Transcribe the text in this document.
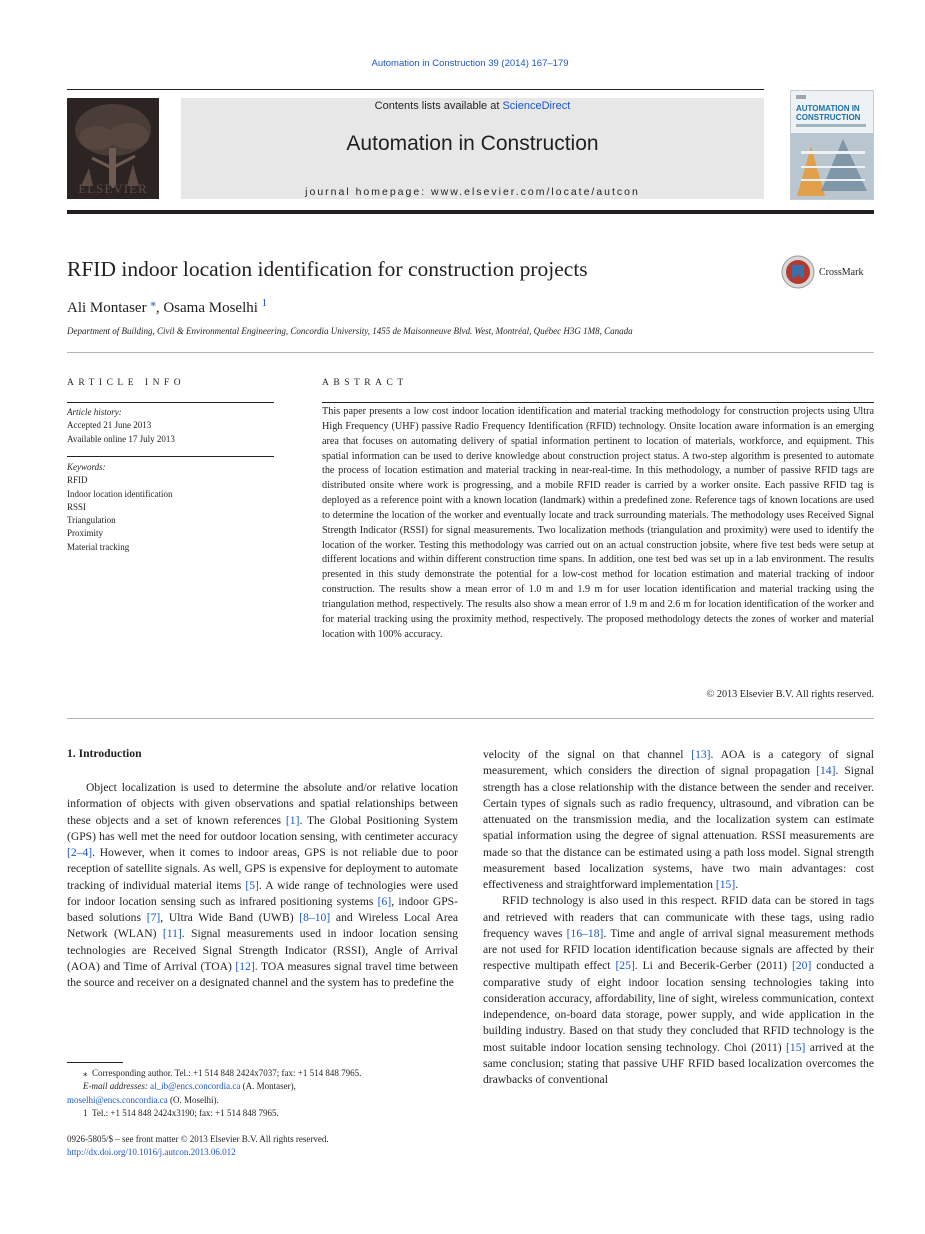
Automation in Construction 39 (2014) 167–179
ELSEVIER
Contents lists available at ScienceDirect
Automation in Construction
journal homepage: www.elsevier.com/locate/autcon
AUTOMATION IN CONSTRUCTION
RFID indoor location identification for construction projects	CrossMark
Ali Montaser ⁎, Osama Moselhi $^1$
Department of Building, Civil & Environmental Engineering, Concordia University, 1455 de Maisonneuve Blvd. West, Montréal, Québec H3G 1M8, Canada
ARTICLE INFO	ABSTRACT
Article history:
Accepted 21 June 2013
Available online 17 July 2013
Keywords:
RFID
Indoor location identification
RSSI
Triangulation
Proximity
Material tracking
This paper presents a low cost indoor location identification and material tracking methodology for construction projects using Ultra High Frequency (UHF) passive Radio Frequency Identification (RFID) technology. Onsite location aware information is an emerging area that focuses on automating delivery of spatial information pertinent to location of materials, workforce, and equipment. This spatial information can be used to derive knowledge about construction project status. A two-step algorithm is presented to automate the process of location estimation and material tracking in near-real-time. In this methodology, a number of passive RFID tags are distributed onsite where work is progressing, and a mobile RFID reader is carried by a worker onsite. Each passive RFID tag is deployed as a reference point with a known location (landmark) within a predefined zone. Reference tags of known locations are used to determine the location of the worker and eventually locate and track surrounding materials. The methodology uses Received Signal Strength Indicator (RSSI) for signal measurements. Two localization methods (triangulation and proximity) were used to identify the location of the worker. Testing this methodology was carried out on an actual construction jobsite, where five test beds were setup at different locations and within different construction time spans. In addition, one test bed was set up in a lab environment. The results presented in this study demonstrate the potential for a low-cost method for location estimation and material tracking of indoor construction. The results show a mean error of 1.0 m and 1.9 m for user location identification and material tracking using the triangulation method, respectively. The results also show a mean error of 1.9 m and 2.6 m for location identification of the worker and for material tracking using the proximity method, respectively. The proposed methodology detects the zones of worker and material location with 100% accuracy.
© 2013 Elsevier B.V. All rights reserved.
1. Introduction
Object localization is used to determine the absolute and/or relative location information of objects with given observations and spatial relationships between these objects and a set of known references [1]. The Global Positioning System (GPS) has well met the need for outdoor location sensing, with centimeter accuracy [2–4]. However, when it comes to indoor areas, GPS is not reliable due to poor reception of satellite signals. As well, GPS is expensive for deployment to automate tracking of individual material items [5]. A wide range of technologies were used for indoor location sensing such as infrared positioning systems [6], indoor GPS-based solutions [7], Ultra Wide Band (UWB) [8–10] and Wireless Local Area Network (WLAN) [11]. Signal measurements used in indoor location sensing technologies are Received Signal Strength Indicator (RSSI), Angle of Arrival (AOA) and Time of Arrival (TOA) [12]. TOA measures signal travel time between the source and receiver on a designated channel and the system has to predefine the

velocity of the signal on that channel [13]. AOA is a category of signal measurement, which considers the direction of signal propagation [14]. Signal strength has a close relationship with the distance between the sender and receiver. Certain types of signals such as radio frequency, ultrasound, and vibration can be attenuated on the transmission media, and the localization system can estimate spatial information using the degree of signal attenuation. RSSI measurements are made so that the distance can be estimated using a path loss model. Signal strength measurement based localization systems, have two main advantages: cost effectiveness and straightforward implementation [15].

RFID technology is also used in this respect. RFID data can be stored in tags and retrieved with readers that can communicate with these tags, using radio frequency waves [16–18]. Time and angle of arrival signal measurement methods are not used for RFID location identification because signals are affected by their respective multipath effect [25]. Li and Becerik-Gerber (2011) [20] conducted a comparative study of eight indoor location sensing technologies taking into consideration accuracy, affordability, line of sight, wireless communication, context independence, on-board data storage, power supply, and wide application in the building industry. Based on that study they concluded that RFID technology is the most suitable indoor location sensing technology. Choi (2011) [15] arrived at the same conclusion; stating that passive UHF RFID based localization overcomes the drawbacks of conventional

⁎ Corresponding author. Tel.: +1 514 848 2424x7037; fax: +1 514 848 7965.
E-mail addresses: al_ib@encs.concordia.ca (A. Montaser),
moselhi@encs.concordia.ca (O. Moselhi).
1 Tel.: +1 514 848 2424x3190; fax: +1 514 848 7965.
0926-5805/$ – see front matter © 2013 Elsevier B.V. All rights reserved.
http://dx.doi.org/10.1016/j.autcon.2013.06.012
